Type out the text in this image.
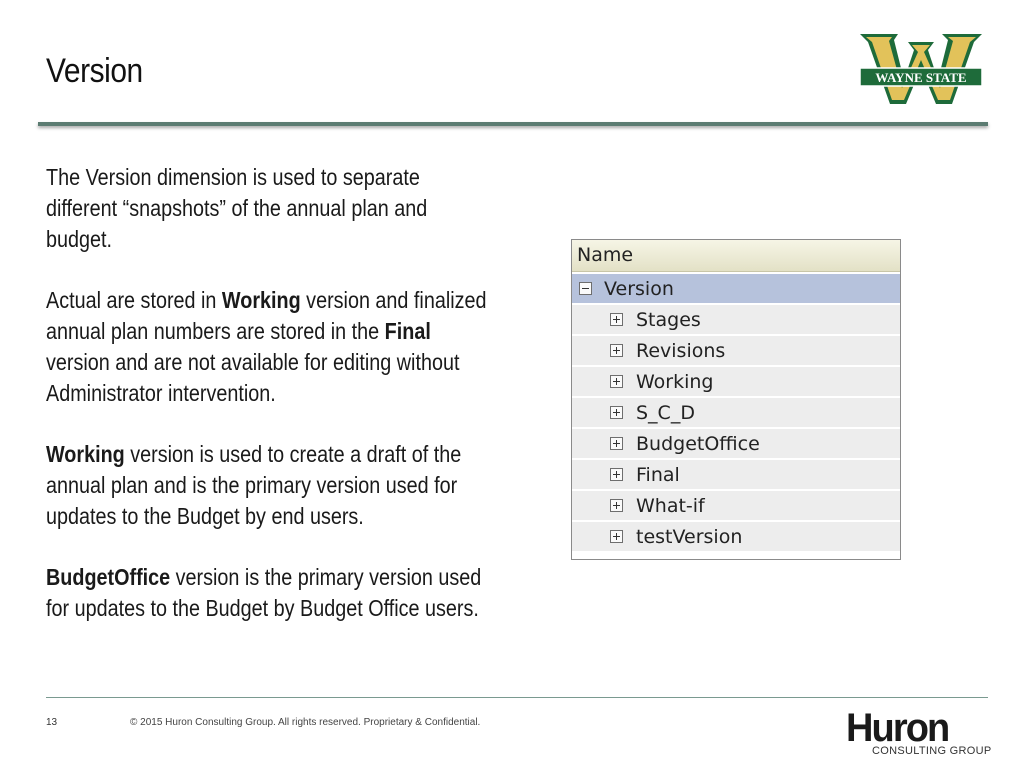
Version	WAYNE STATE

The Version dimension is used to separate different “snapshots” of the annual plan and budget.

Actual are stored in Working version and finalized annual plan numbers are stored in the Final version and are not available for editing without Administrator intervention.

Working version is used to create a draft of the annual plan and is the primary version used for updates to the Budget by end users.

BudgetOffice version is the primary version used for updates to the Budget by Budget Office users.

Name
Version
Stages
Revisions
Working
S_C_D
BudgetOffice
Final
What-if
testVersion
13	© 2015 Huron Consulting Group. All rights reserved. Proprietary & Confidential.	Huron
CONSULTING GROUP
